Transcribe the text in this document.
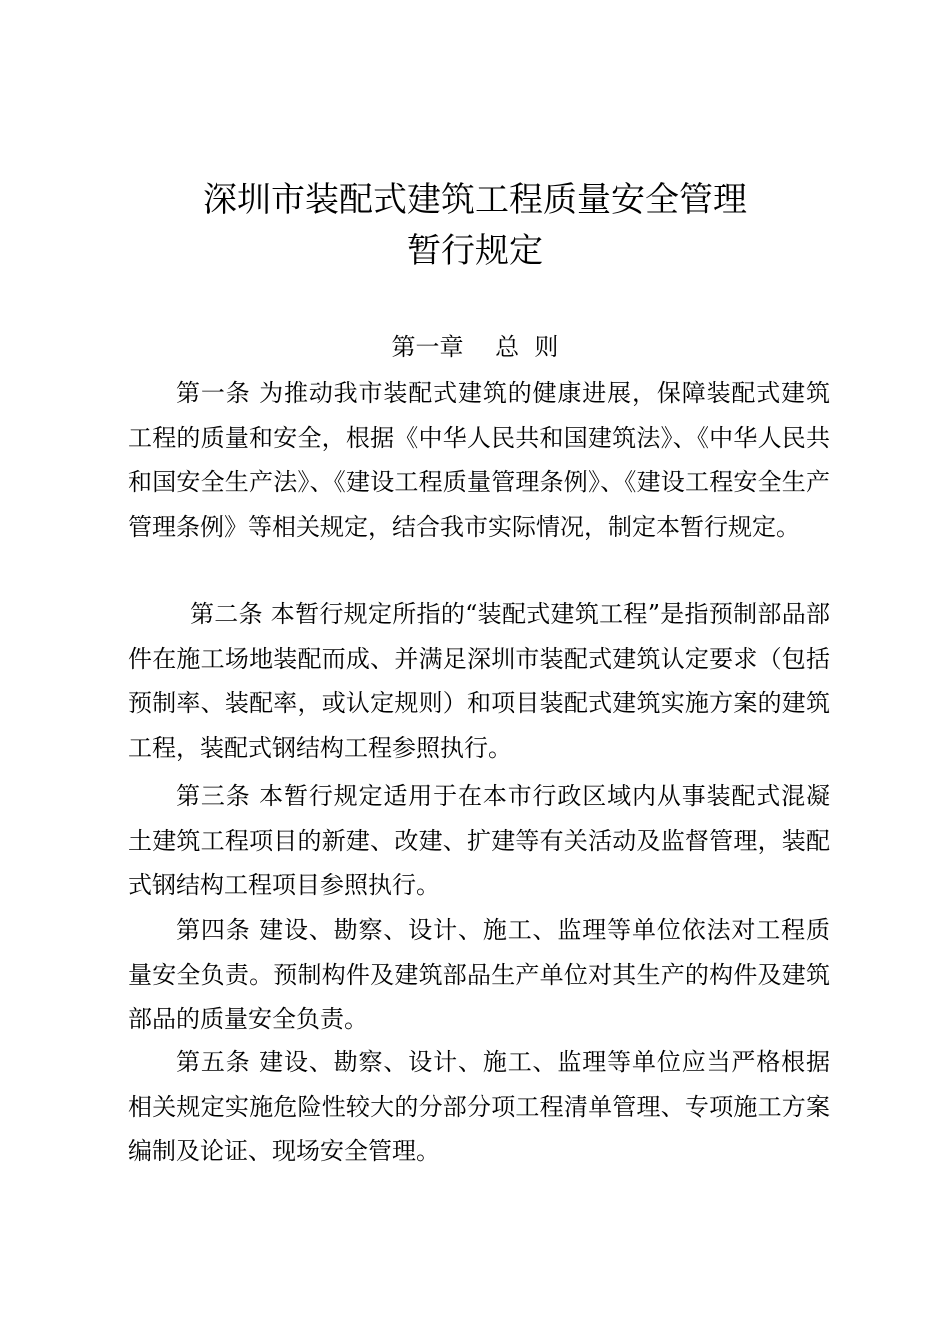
深圳市装配式建筑工程质量安全管理
暂行规定
第一章　 总  则

第一条 为推动我市装配式建筑的健康进展，保障装配式建筑工程的质量和安全，根据《中华人民共和国建筑法》、《中华人民共和国安全生产法》、《建设工程质量管理条例》、《建设工程安全生产管理条例》等相关规定，结合我市实际情况，制定本暂行规定。

第二条 本暂行规定所指的“装配式建筑工程”是指预制部品部件在施工场地装配而成、并满足深圳市装配式建筑认定要求（包括预制率、装配率，或认定规则）和项目装配式建筑实施方案的建筑工程，装配式钢结构工程参照执行。

第三条 本暂行规定适用于在本市行政区域内从事装配式混凝土建筑工程项目的新建、改建、扩建等有关活动及监督管理，装配式钢结构工程项目参照执行。

第四条 建设、勘察、设计、施工、监理等单位依法对工程质量安全负责。预制构件及建筑部品生产单位对其生产的构件及建筑部品的质量安全负责。

第五条 建设、勘察、设计、施工、监理等单位应当严格根据相关规定实施危险性较大的分部分项工程清单管理、专项施工方案编制及论证、现场安全管理。
